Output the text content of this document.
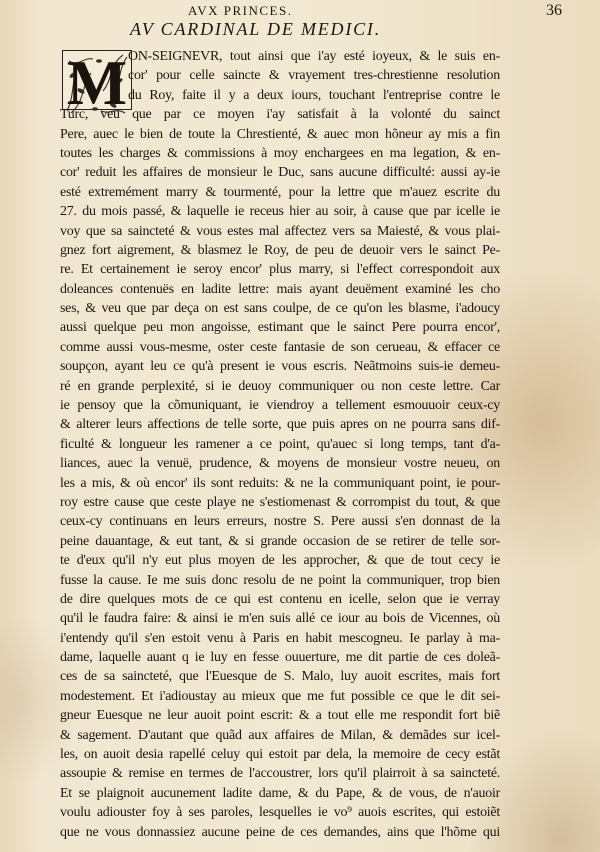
AVX PRINCES.	36
AV CARDINAL DE MEDICI.
M ON-SEIGNEVR, tout ainsi que i'ay esté ioyeux, & le suis en-
cor' pour celle saincte & vrayement tres-chrestienne resolution
du Roy, faite il y a deux iours, touchant l'entreprise contre le
Turc, veu que par ce moyen i'ay satisfait à la volonté du sainct
Pere, auec le bien de toute la Chrestienté, & auec mon hõneur ay mis a fin
toutes les charges & commissions à moy enchargees en ma legation, & en-
cor' reduit les affaires de monsieur le Duc, sans aucune difficulté: aussi ay-ie
esté extremément marry & tourmenté, pour la lettre que m'auez escrite du
27. du mois passé, & laquelle ie receus hier au soir, à cause que par icelle ie
voy que sa saincteté & vous estes mal affectez vers sa Maiesté, & vous plai-
gnez fort aigrement, & blasmez le Roy, de peu de deuoir vers le sainct Pe-
re. Et certainement ie seroy encor' plus marry, si l'effect correspondoit aux
doleances contenuës en ladite lettre: mais ayant deuëment examiné les cho
ses, & veu que par deça on est sans coulpe, de ce qu'on les blasme, i'adoucy
aussi quelque peu mon angoisse, estimant que le sainct Pere pourra encor',
comme aussi vous-mesme, oster ceste fantasie de son cerueau, & effacer ce
soupçon, ayant leu ce qu'à present ie vous escris. Neãtmoins suis-ie demeu-
ré en grande perplexité, si ie deuoy communiquer ou non ceste lettre. Car
ie pensoy que la cõmuniquant, ie viendroy a tellement esmouuoir ceux-cy
& alterer leurs affections de telle sorte, que puis apres on ne pourra sans dif-
ficulté & longueur les ramener a ce point, qu'auec si long temps, tant d'a-
liances, auec la venuë, prudence, & moyens de monsieur vostre neueu, on
les a mis, & où encor' ils sont reduits: & ne la communiquant point, ie pour-
roy estre cause que ceste playe ne s'estiomenast & corrompist du tout, & que
ceux-cy continuans en leurs erreurs, nostre S. Pere aussi s'en donnast de la
peine dauantage, & eut tant, & si grande occasion de se retirer de telle sor-
te d'eux qu'il n'y eut plus moyen de les approcher, & que de tout cecy ie
fusse la cause. Ie me suis donc resolu de ne point la communiquer, trop bien
de dire quelques mots de ce qui est contenu en icelle, selon que ie verray
qu'il le faudra faire: & ainsi ie m'en suis allé ce iour au bois de Vicennes, où
i'entendy qu'il s'en estoit venu à Paris en habit mescogneu. Ie parlay à ma-
dame, laquelle auant q ie luy en fesse ouuerture, me dit partie de ces doleã-
ces de sa saincteté, que l'Euesque de S. Malo, luy auoit escrites, mais fort
modestement. Et i'adioustay au mieux que me fut possible ce que le dit sei-
gneur Euesque ne leur auoit point escrit: & a tout elle me respondit fort biẽ
& sagement. D'autant que quãd aux affaires de Milan, & demãdes sur icel-
les, on auoit desia rapellé celuy qui estoit par dela, la memoire de cecy estãt
assoupie & remise en termes de l'accoustrer, lors qu'il plairroit à sa saincteté.
Et se plaignoit aucunement ladite dame, & du Pape, & de vous, de n'auoir
voulu adiouster foy à ses paroles, lesquelles ie vo⁹ auois escrites, qui estoiẽt
que ne vous donnassiez aucune peine de ces demandes, ains que l'hõme qui
